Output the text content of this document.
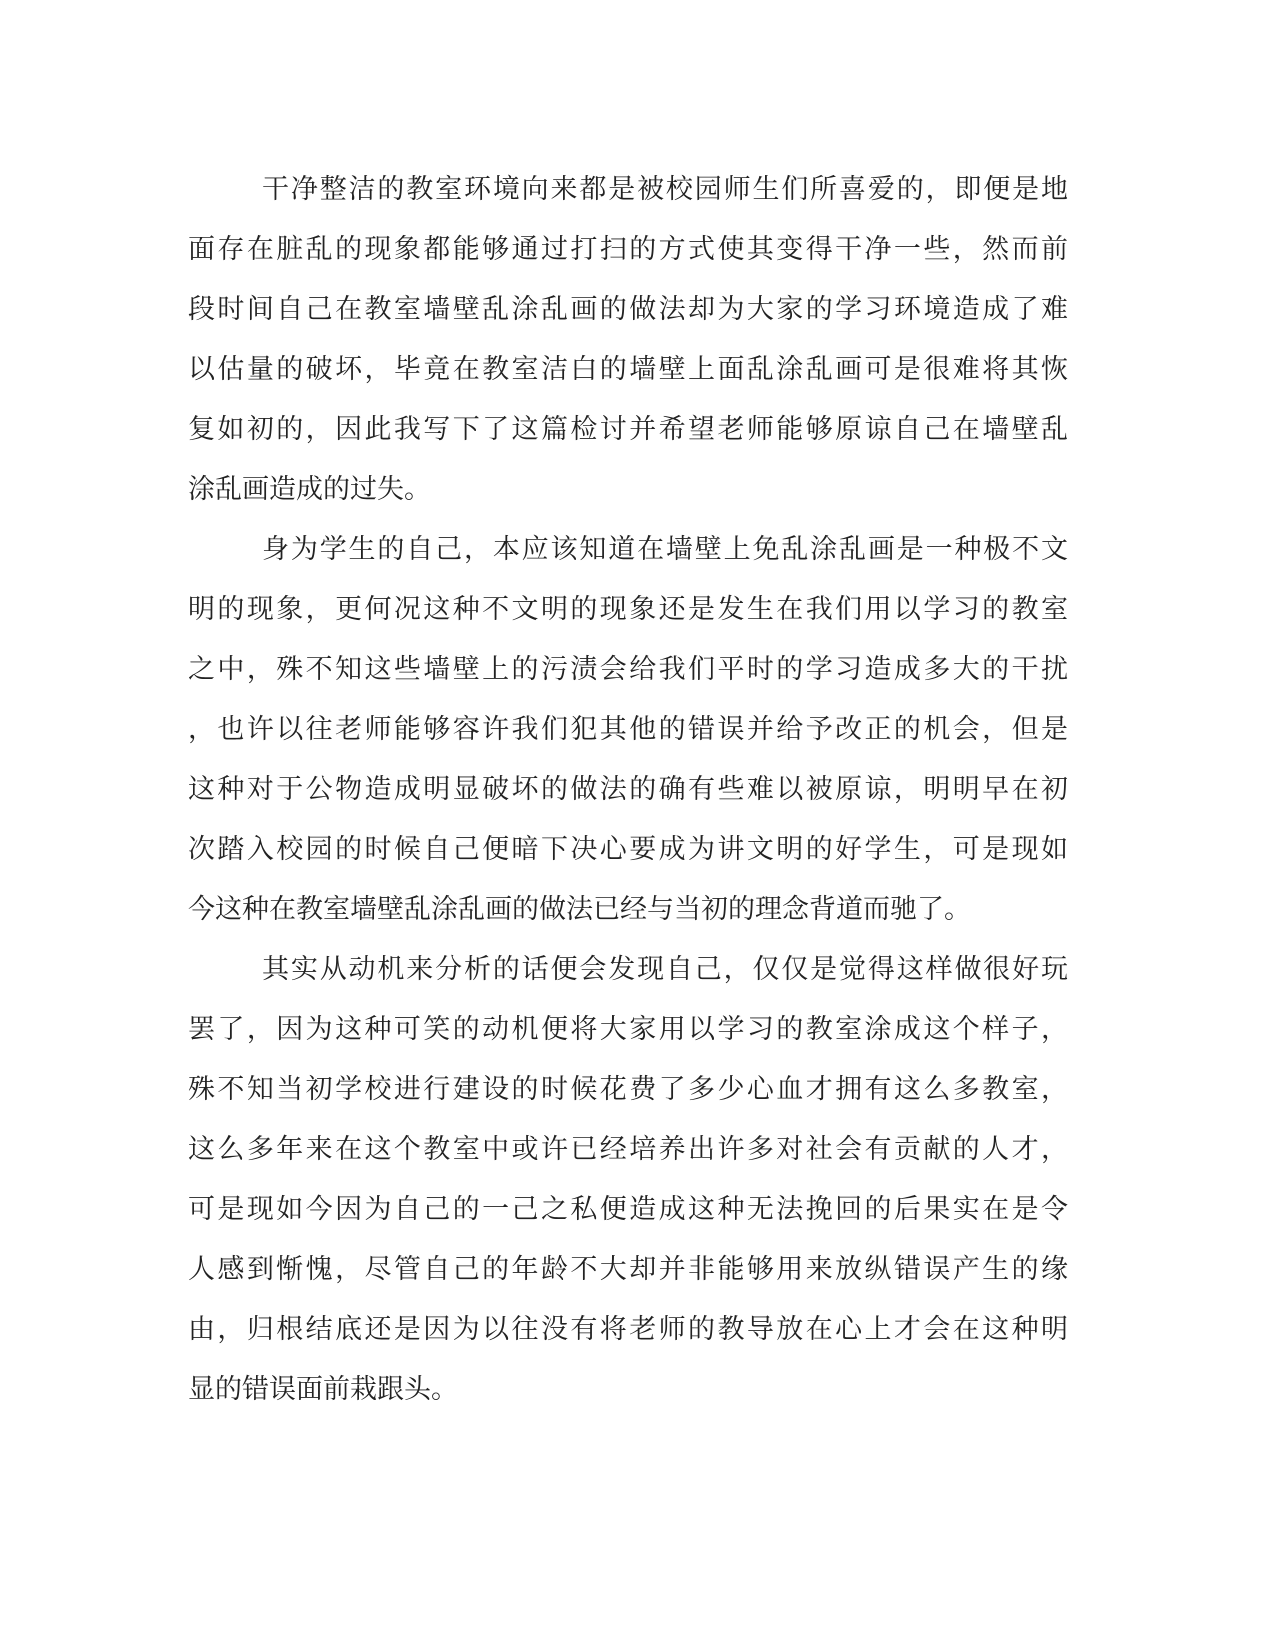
干净整洁的教室环境向来都是被校园师生们所喜爱的，即便是地
面存在脏乱的现象都能够通过打扫的方式使其变得干净一些，然而前
段时间自己在教室墙壁乱涂乱画的做法却为大家的学习环境造成了难
以估量的破坏，毕竟在教室洁白的墙壁上面乱涂乱画可是很难将其恢
复如初的，因此我写下了这篇检讨并希望老师能够原谅自己在墙壁乱
涂乱画造成的过失。
身为学生的自己，本应该知道在墙壁上免乱涂乱画是一种极不文
明的现象，更何况这种不文明的现象还是发生在我们用以学习的教室
之中，殊不知这些墙壁上的污渍会给我们平时的学习造成多大的干扰
，也许以往老师能够容许我们犯其他的错误并给予改正的机会，但是
这种对于公物造成明显破坏的做法的确有些难以被原谅，明明早在初
次踏入校园的时候自己便暗下决心要成为讲文明的好学生，可是现如
今这种在教室墙壁乱涂乱画的做法已经与当初的理念背道而驰了。
其实从动机来分析的话便会发现自己，仅仅是觉得这样做很好玩
罢了，因为这种可笑的动机便将大家用以学习的教室涂成这个样子，
殊不知当初学校进行建设的时候花费了多少心血才拥有这么多教室，
这么多年来在这个教室中或许已经培养出许多对社会有贡献的人才，
可是现如今因为自己的一己之私便造成这种无法挽回的后果实在是令
人感到惭愧，尽管自己的年龄不大却并非能够用来放纵错误产生的缘
由，归根结底还是因为以往没有将老师的教导放在心上才会在这种明
显的错误面前栽跟头。
